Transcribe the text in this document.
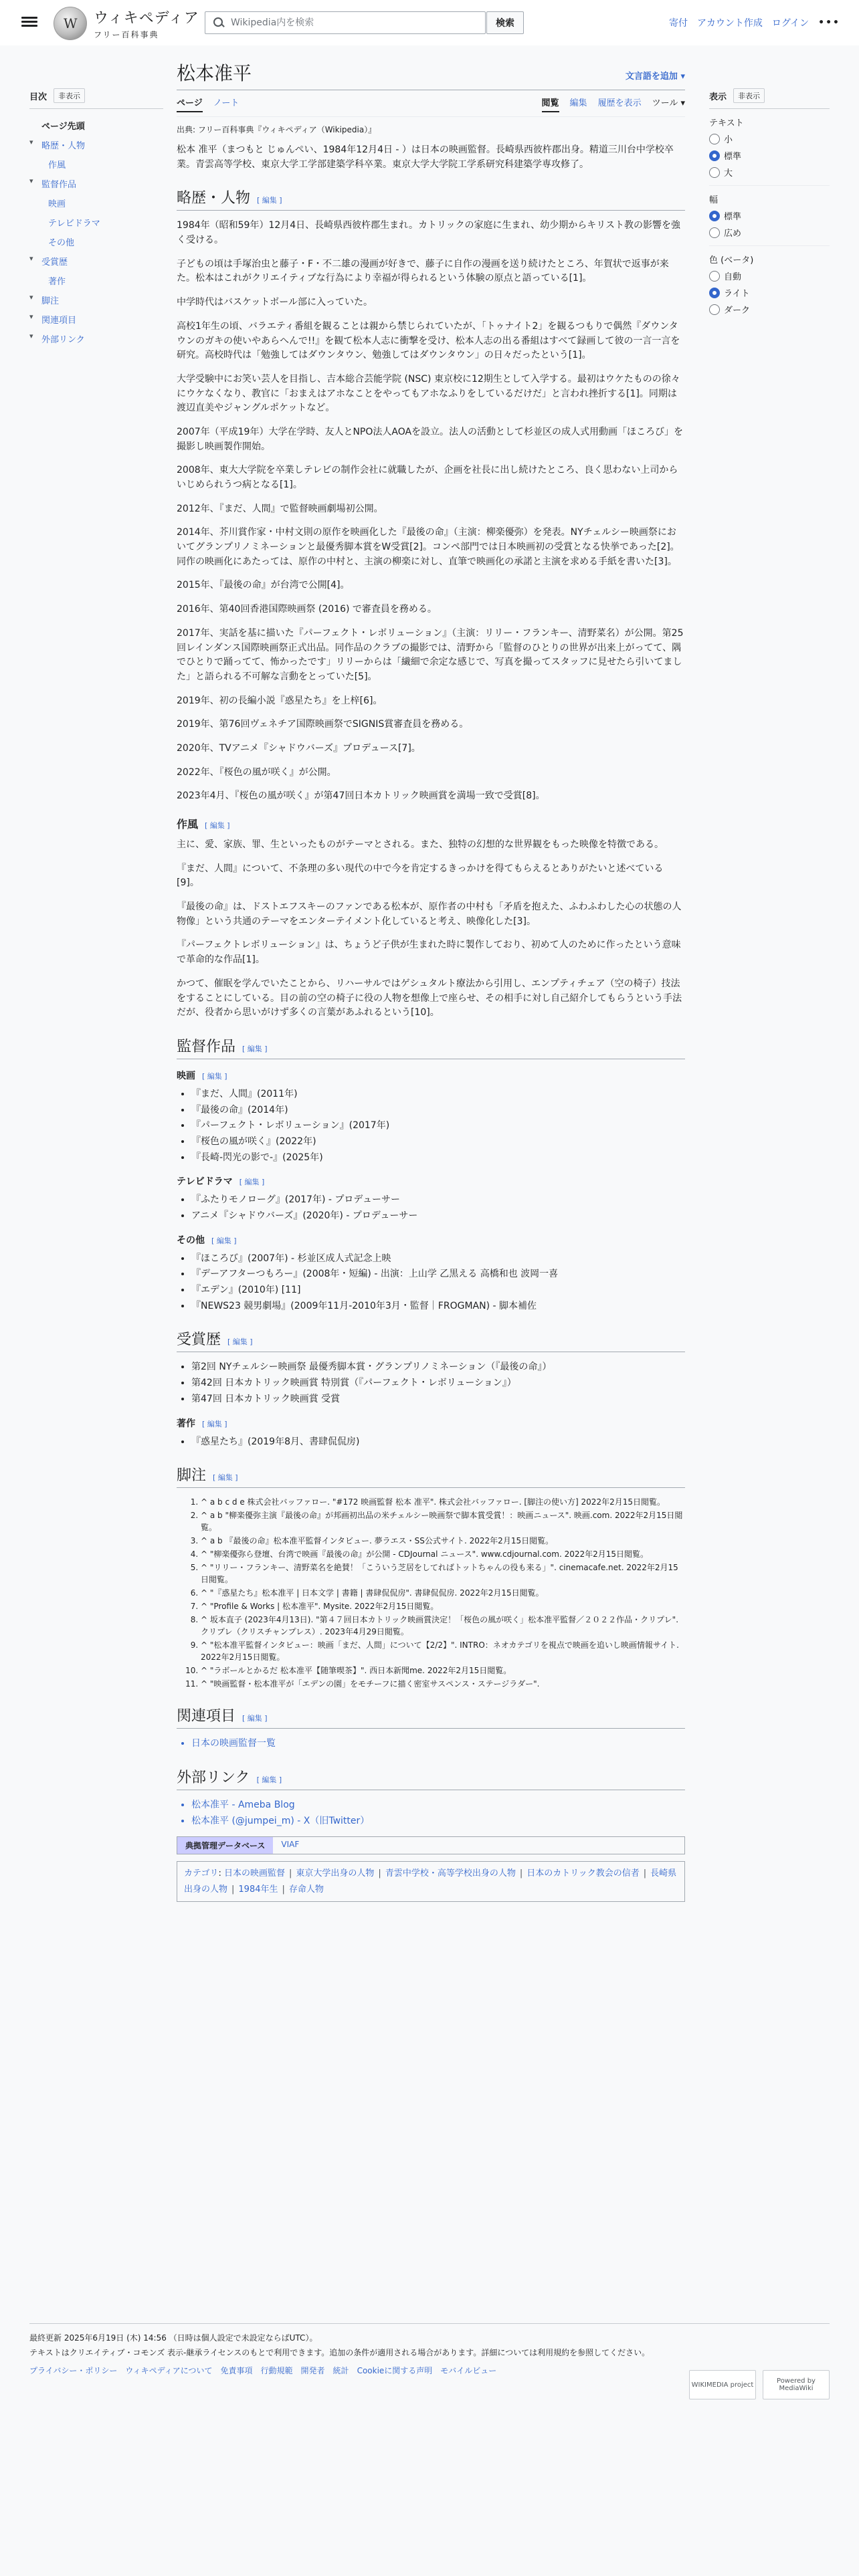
W
ウィキペディア
フリー百科事典
Wikipedia内を検索
検索	寄付 アカウント作成 ログイン •••
目次	非表示
ページ先頭
▾ 略歴・人物
作風
▾ 監督作品
映画
テレビドラマ
その他
▾ 受賞歴
著作
▾ 脚注
▾ 関連項目
▾ 外部リンク
表示	非表示
テキスト
小
標準
大
幅
標準
広め
色 (ベータ)
自動
ライト
ダーク
松本准平	文言語を追加 ▾
ページ ノート	閲覧 編集 履歴を表示 ツール ▾
出典: フリー百科事典『ウィキペディア（Wikipedia）』

松本 准平（まつもと じゅんぺい、1984年12月4日 - ）は日本の映画監督。長崎県西彼杵郡出身。精道三川台中学校卒業。青雲高等学校、東京大学工学部建築学科卒業。東京大学大学院工学系研究科建築学専攻修了。

略歴・人物 [ 編集 ]

1984年（昭和59年）12月4日、長崎県西彼杵郡生まれ。カトリックの家庭に生まれ、幼少期からキリスト教の影響を強く受ける。

子どもの頃は手塚治虫と藤子・F・不二雄の漫画が好きで、藤子に自作の漫画を送り続けたところ、年賀状で返事が来た。松本はこれがクリエイティブな行為により幸福が得られるという体験の原点と語っている[1]。

中学時代はバスケットボール部に入っていた。

高校1年生の頃、バラエティ番組を観ることは親から禁じられていたが、「トゥナイト2」を観るつもりで偶然『ダウンタウンのガキの使いやあらへんで!!』を観て松本人志に衝撃を受け、松本人志の出る番組はすべて録画して彼の一言一言を研究。高校時代は「勉強してはダウンタウン、勉強してはダウンタウン」の日々だったという[1]。

大学受験中にお笑い芸人を目指し、吉本総合芸能学院 (NSC) 東京校に12期生として入学する。最初はウケたものの徐々にウケなくなり、教官に「おまえはアホなことをやってもアホなふりをしているだけだ」と言われ挫折する[1]。同期は渡辺直美やジャングルポケットなど。

2007年（平成19年）大学在学時、友人とNPO法人AOAを設立。法人の活動として杉並区の成人式用動画「ほころび」を撮影し映画製作開始。

2008年、東大大学院を卒業しテレビの制作会社に就職したが、企画を社長に出し続けたところ、良く思わない上司からいじめられうつ病となる[1]。

2012年、『まだ、人間』で監督映画劇場初公開。

2014年、芥川賞作家・中村文則の原作を映画化した『最後の命』（主演：柳楽優弥）を発表。NYチェルシー映画祭においてグランプリノミネーションと最優秀脚本賞をW受賞[2]。コンペ部門では日本映画初の受賞となる快挙であった[2]。同作の映画化にあたっては、原作の中村と、主演の柳楽に対し、直筆で映画化の承諾と主演を求める手紙を書いた[3]。

2015年、『最後の命』が台湾で公開[4]。

2016年、第40回香港国際映画祭 (2016) で審査員を務める。

2017年、実話を基に描いた『パーフェクト・レボリューション』（主演：リリー・フランキー、清野菜名）が公開。第25回レインダンス国際映画祭正式出品。同作品のクラブの撮影では、清野から「監督のひとりの世界が出来上がってて、隅でひとりで踊ってて、怖かったです」リリーからは「繊細で余定な感じで、写真を撮ってスタッフに見せたら引いてました」と語られる不可解な言動をとっていた[5]。

2019年、初の長編小説『惑星たち』を上梓[6]。

2019年、第76回ヴェネチア国際映画祭でSIGNIS賞審査員を務める。

2020年、TVアニメ『シャドウバーズ』プロデュース[7]。

2022年、『桜色の風が咲く』が公開。

2023年4月、『桜色の風が咲く』が第47回日本カトリック映画賞を満場一致で受賞[8]。

作風 [ 編集 ]

主に、愛、家族、罪、生といったものがテーマとされる。また、独特の幻想的な世界観をもった映像を特徴である。

『まだ、人間』について、不条理の多い現代の中で今を肯定するきっかけを得てもらえるとありがたいと述べている[9]。

『最後の命』は、ドストエフスキーのファンである松本が、原作者の中村も「矛盾を抱えた、ふわふわした心の状態の人物像」という共通のテーマをエンターテイメント化していると考え、映像化した[3]。

『パーフェクトレボリューション』は、ちょうど子供が生まれた時に製作しており、初めて人のために作ったという意味で革命的な作品[1]。

かつて、催眠を学んでいたことから、リハーサルではゲシュタルト療法から引用し、エンプティチェア（空の椅子）技法をすることにしている。目の前の空の椅子に役の人物を想像上で座らせ、その相手に対し自己紹介してもらうという手法だが、役者から思いがけず多くの言葉があふれるという[10]。

監督作品 [ 編集 ]
映画 [ 編集 ]
• 『まだ、人間』(2011年)
• 『最後の命』(2014年)
• 『パーフェクト・レボリューション』(2017年)
• 『桜色の風が咲く』(2022年)
• 『長崎-閃光の影で-』(2025年)
テレビドラマ [ 編集 ]
• 『ふたりモノローグ』(2017年) - プロデューサー
• アニメ『シャドウバーズ』(2020年) - プロデューサー
その他 [ 編集 ]
• 『ほころび』(2007年) - 杉並区成人式記念上映
• 『デーアフターつもろー』(2008年・短編) - 出演：上山学 乙黒える 高橋和也 波岡一喜
• 『エデン』(2010年) [11]
• 『NEWS23 競男劇場』(2009年11月-2010年3月・監督｜FROGMAN) - 脚本補佐
受賞歴 [ 編集 ]
• 第2回 NYチェルシー映画祭 最優秀脚本賞・グランプリノミネーション（『最後の命』）
• 第42回 日本カトリック映画賞 特別賞（『パーフェクト・レボリューション』）
• 第47回 日本カトリック映画賞 受賞
著作 [ 編集 ]
• 『惑星たち』(2019年8月、書肆侃侃房)
脚注 [ 編集 ]
1. ^ a b c d e 株式会社バッファロー. "#172 映画監督 松本 准平". 株式会社バッファロー. [脚注の使い方] 2022年2月15日閲覧。
2. ^ a b "柳楽優弥主演『最後の命』が邦画初出品の米チェルシー映画祭で脚本賞受賞！：映画ニュース". 映画.com. 2022年2月15日閲覧。
3. ^ a b 『最後の命』松本准平監督インタビュー. 夢ラエス・SS公式サイト. 2022年2月15日閲覧。
4. ^ "柳楽優弥ら登壇、台湾で映画『最後の命』が公開 - CDJournal ニュース". www.cdjournal.com. 2022年2月15日閲覧。
5. ^ "リリー・フランキー、清野菜名を絶賛！「こういう芝居をしてればトットちゃんの役も来る」". cinemacafe.net. 2022年2月15日閲覧。
6. ^ "『惑星たち』松本准平 | 日本文学 | 書籍 | 書肆侃侃房". 書肆侃侃房. 2022年2月15日閲覧。
7. ^ "Profile & Works | 松本准平". Mysite. 2022年2月15日閲覧。
8. ^ 坂本直子 (2023年4月13日). "第４７回日本カトリック映画賞決定！「桜色の風が咲く」松本准平監督／２０２２作品・クリプレ". クリプレ（クリスチャンプレス）. 2023年4月29日閲覧。
9. ^ "松本准平監督インタビュー：映画「まだ、人間」について【2/2】". INTRO：ネオカテゴリを視点で映画を追いし映画情報サイト. 2022年2月15日閲覧。
10. ^ "ラボールとかるだ 松本准平【随筆喫茶】". 西日本新聞me. 2022年2月15日閲覧。
11. ^ "映画監督・松本准平が「エデンの園」をモチーフに描く密室サスペンス・ステージラダー".
関連項目 [ 編集 ]
• 日本の映画監督一覧
外部リンク [ 編集 ]
• 松本准平 - Ameba Blog
• 松本准平 (@jumpei_m) - X（旧Twitter）
典拠管理データベース	VIAF
カテゴリ: 日本の映画監督 | 東京大学出身の人物 | 青雲中学校・高等学校出身の人物 | 日本のカトリック教会の信者 | 長崎県出身の人物 | 1984年生 | 存命人物
最終更新 2025年6月19日 (木) 14:56 （日時は個人設定で未設定ならばUTC）。
テキストはクリエイティブ・コモンズ 表示-継承ライセンスのもとで利用できます。追加の条件が適用される場合があります。詳細については利用規約を参照してください。
プライバシー・ポリシー ウィキペディアについて 免責事項 行動規範 開発者 統計 Cookieに関する声明 モバイルビュー
WIKIMEDIA project	Powered by MediaWiki
